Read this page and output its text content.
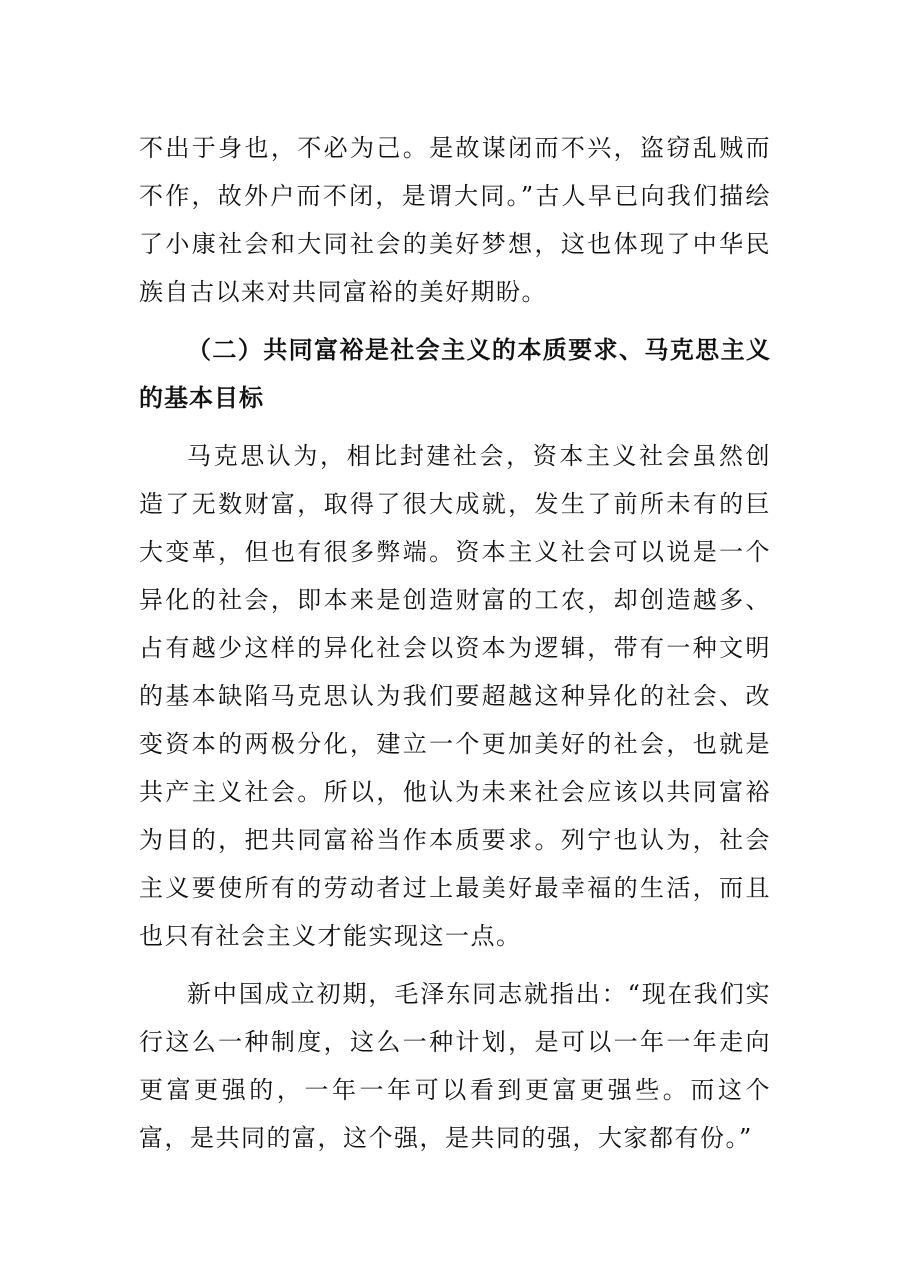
不出于身也，不必为己。是故谋闭而不兴，盗窃乱贼而不作，故外户而不闭，是谓大同。”古人早已向我们描绘了小康社会和大同社会的美好梦想，这也体现了中华民族自古以来对共同富裕的美好期盼。

（二）共同富裕是社会主义的本质要求、马克思主义的基本目标

马克思认为，相比封建社会，资本主义社会虽然创造了无数财富，取得了很大成就，发生了前所未有的巨大变革，但也有很多弊端。资本主义社会可以说是一个异化的社会，即本来是创造财富的工农，却创造越多、占有越少这样的异化社会以资本为逻辑，带有一种文明的基本缺陷马克思认为我们要超越这种异化的社会、改变资本的两极分化，建立一个更加美好的社会，也就是共产主义社会。所以，他认为未来社会应该以共同富裕为目的，把共同富裕当作本质要求。列宁也认为，社会主义要使所有的劳动者过上最美好最幸福的生活，而且也只有社会主义才能实现这一点。

新中国成立初期，毛泽东同志就指出：“现在我们实行这么一种制度，这么一种计划，是可以一年一年走向更富更强的，一年一年可以看到更富更强些。而这个富，是共同的富，这个强，是共同的强，大家都有份。”
